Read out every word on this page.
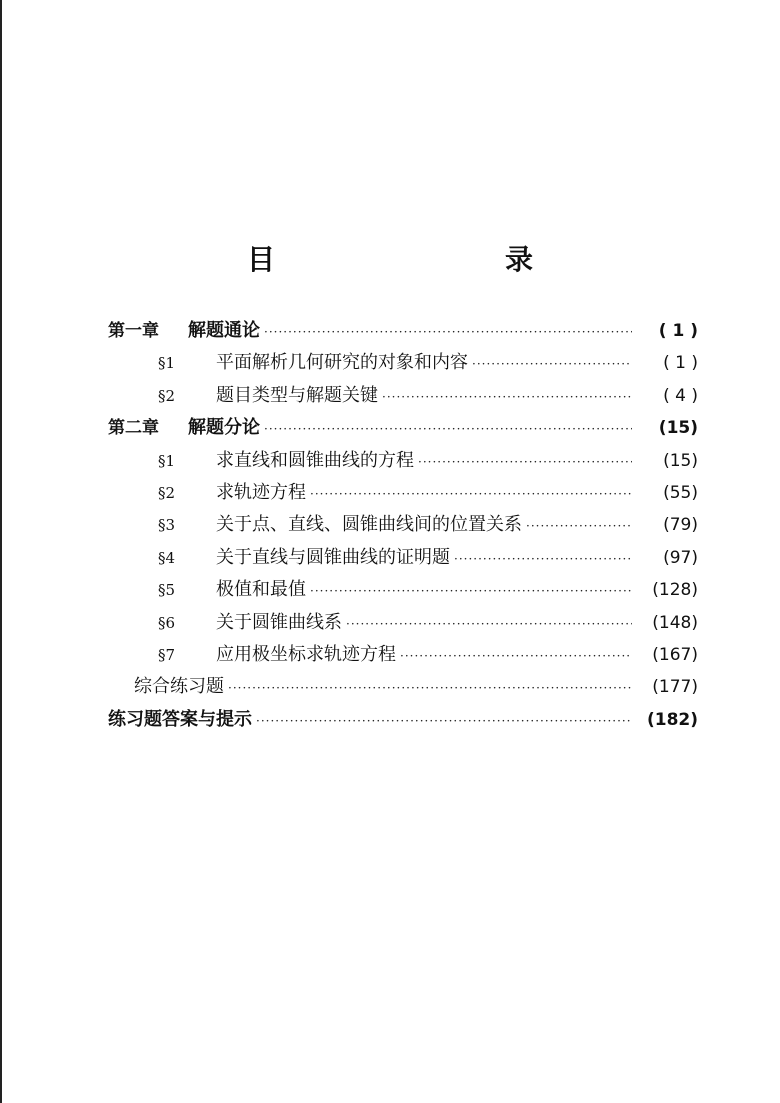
目　　录
第一章	解题通论 ·····	( 1 )
§1	平面解析几何研究的对象和内容 ·····	( 1 )
§2	题目类型与解题关键 ·····	( 4 )
第二章	解题分论 ·····	(15)
§1	求直线和圆锥曲线的方程 ·····	(15)
§2	求轨迹方程 ·····	(55)
§3	关于点、直线、圆锥曲线间的位置关系 ·····	(79)
§4	关于直线与圆锥曲线的证明题 ·····	(97)
§5	极值和最值 ·····	(128)
§6	关于圆锥曲线系 ·····	(148)
§7	应用极坐标求轨迹方程 ·····	(167)
综合练习题 ·····	(177)
练习题答案与提示 ·····	(182)
